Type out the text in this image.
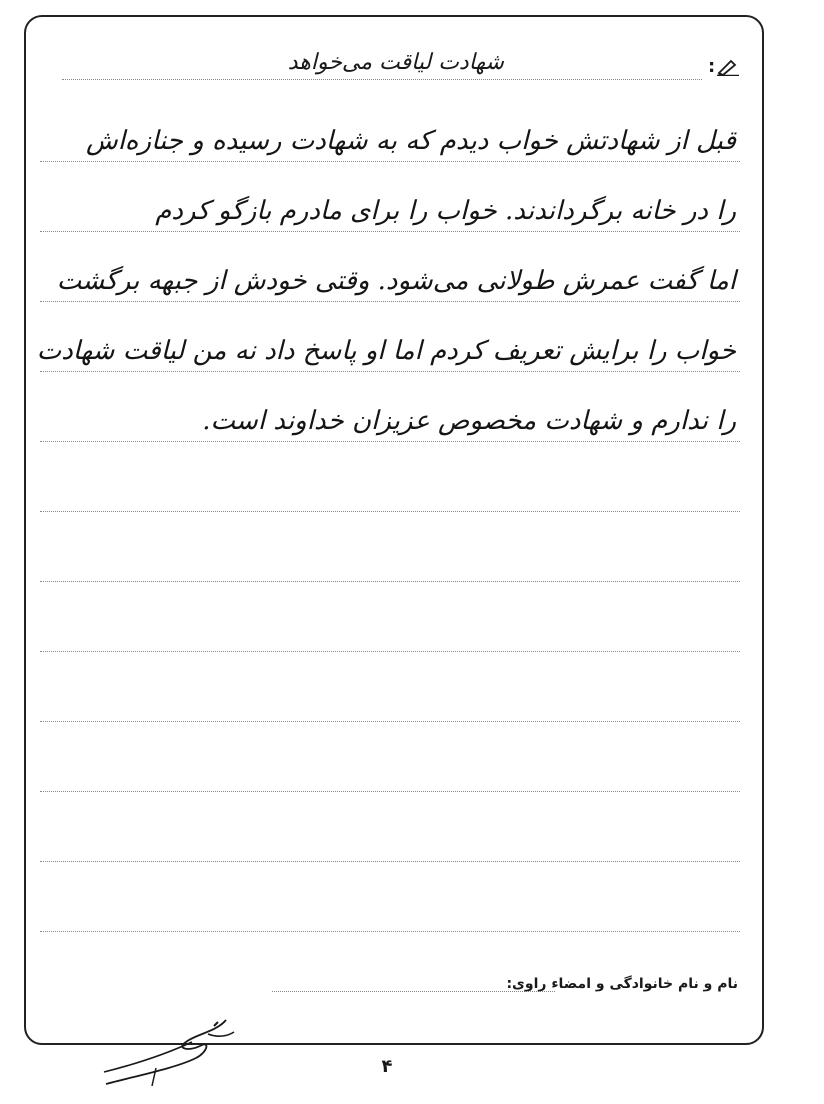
شهادت لیاقت می‌خواهد	:
قبل از شهادتش خواب دیدم که به شهادت رسیده و جنازه‌اش
را در خانه برگرداندند. خواب را برای مادرم بازگو کردم
اما گفت عمرش طولانی می‌شود. وقتی خودش از جبهه برگشت
خواب را برایش تعریف کردم اما او پاسخ داد نه من لیاقت شهادت
را ندارم و شهادت مخصوص عزیزان خداوند است.
نام و نام خانوادگی و امضاء راوی:
۴
